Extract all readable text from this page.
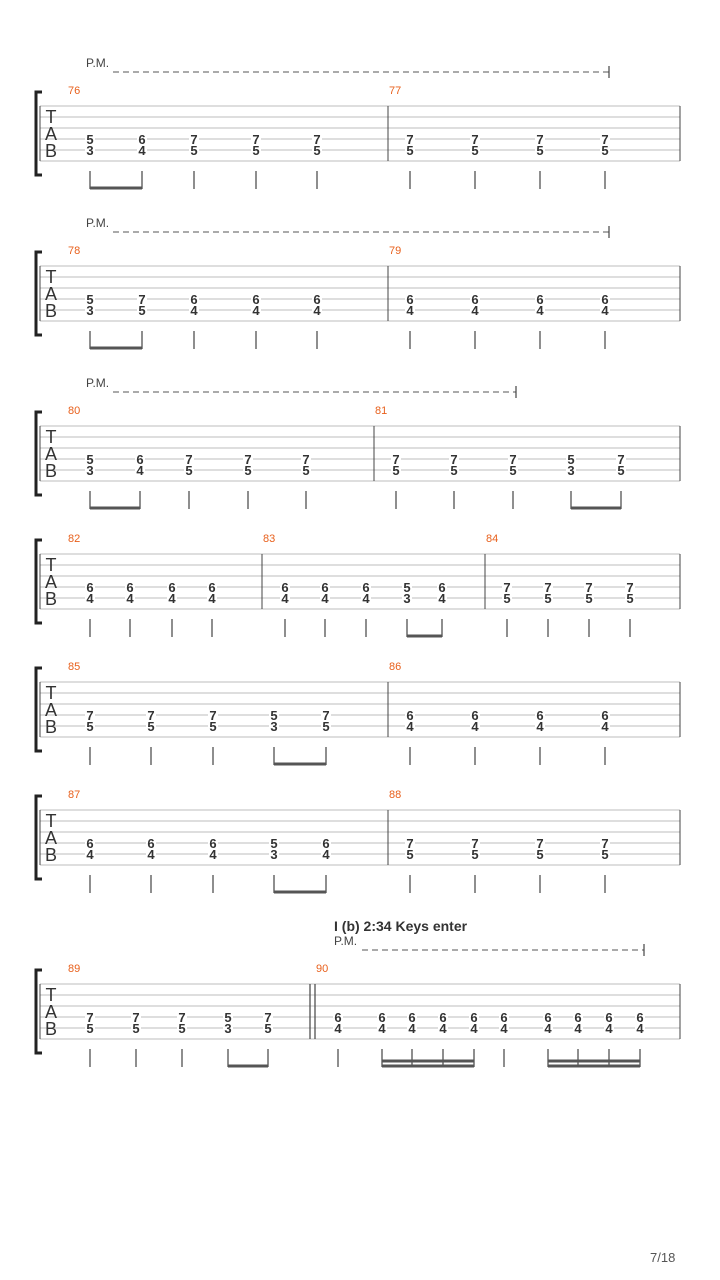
T
A
B
76
5
3
6
4
7
5
7
5
7
5
77
7
5
7
5
7
5
7
5
P.M.
T
A
B
78
5
3
7
5
6
4
6
4
6
4
79
6
4
6
4
6
4
6
4
P.M.
T
A
B
80
5
3
6
4
7
5
7
5
7
5
81
7
5
7
5
7
5
5
3
7
5
P.M.
T
A
B
82
6
4
6
4
6
4
6
4
83
6
4
6
4
6
4
5
3
6
4
84
7
5
7
5
7
5
7
5
T
A
B
85
7
5
7
5
7
5
5
3
7
5
86
6
4
6
4
6
4
6
4
T
A
B
87
6
4
6
4
6
4
5
3
6
4
88
7
5
7
5
7
5
7
5
T
A
B
89
7
5
7
5
7
5
5
3
7
5
90
6
4
6
4
6
4
6
4
6
4
6
4
6
4
6
4
6
4
6
4
P.M.
I (b) 2:34 Keys enter
7/18
